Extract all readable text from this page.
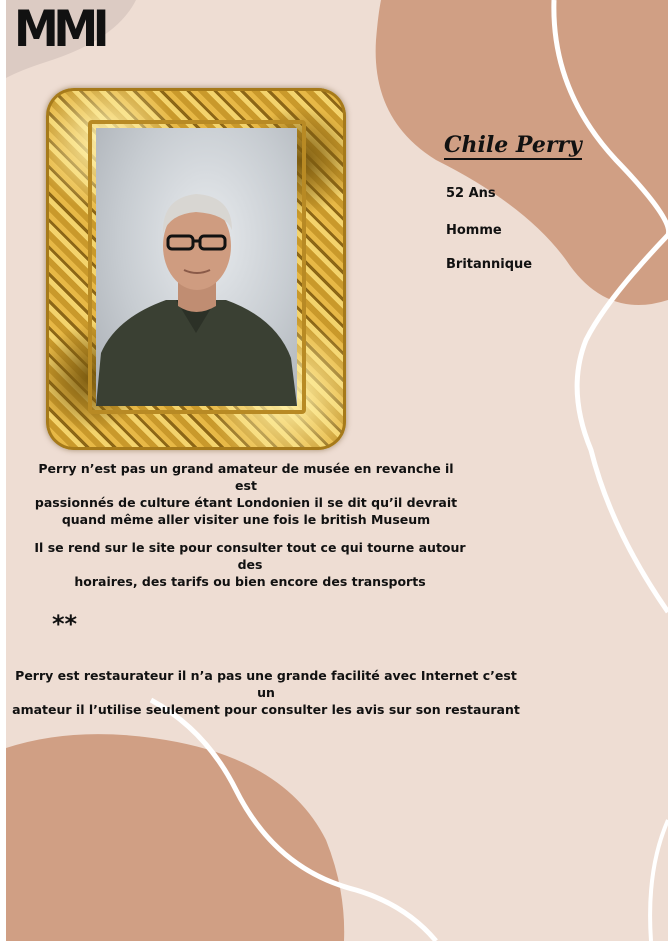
MMI

Chile Perry

52 Ans

Homme

Britannique

Perry n’est pas un grand amateur de musée en revanche il est
passionnés de culture étant Londonien il se dit qu’il devrait
quand même aller visiter une fois le british Museum

Il se rend sur le site pour consulter tout ce qui tourne autour des
horaires, des tarifs ou bien encore des transports

**

Perry est restaurateur il n’a pas une grande facilité avec Internet c’est un
amateur il l’utilise seulement pour consulter les avis sur son restaurant
